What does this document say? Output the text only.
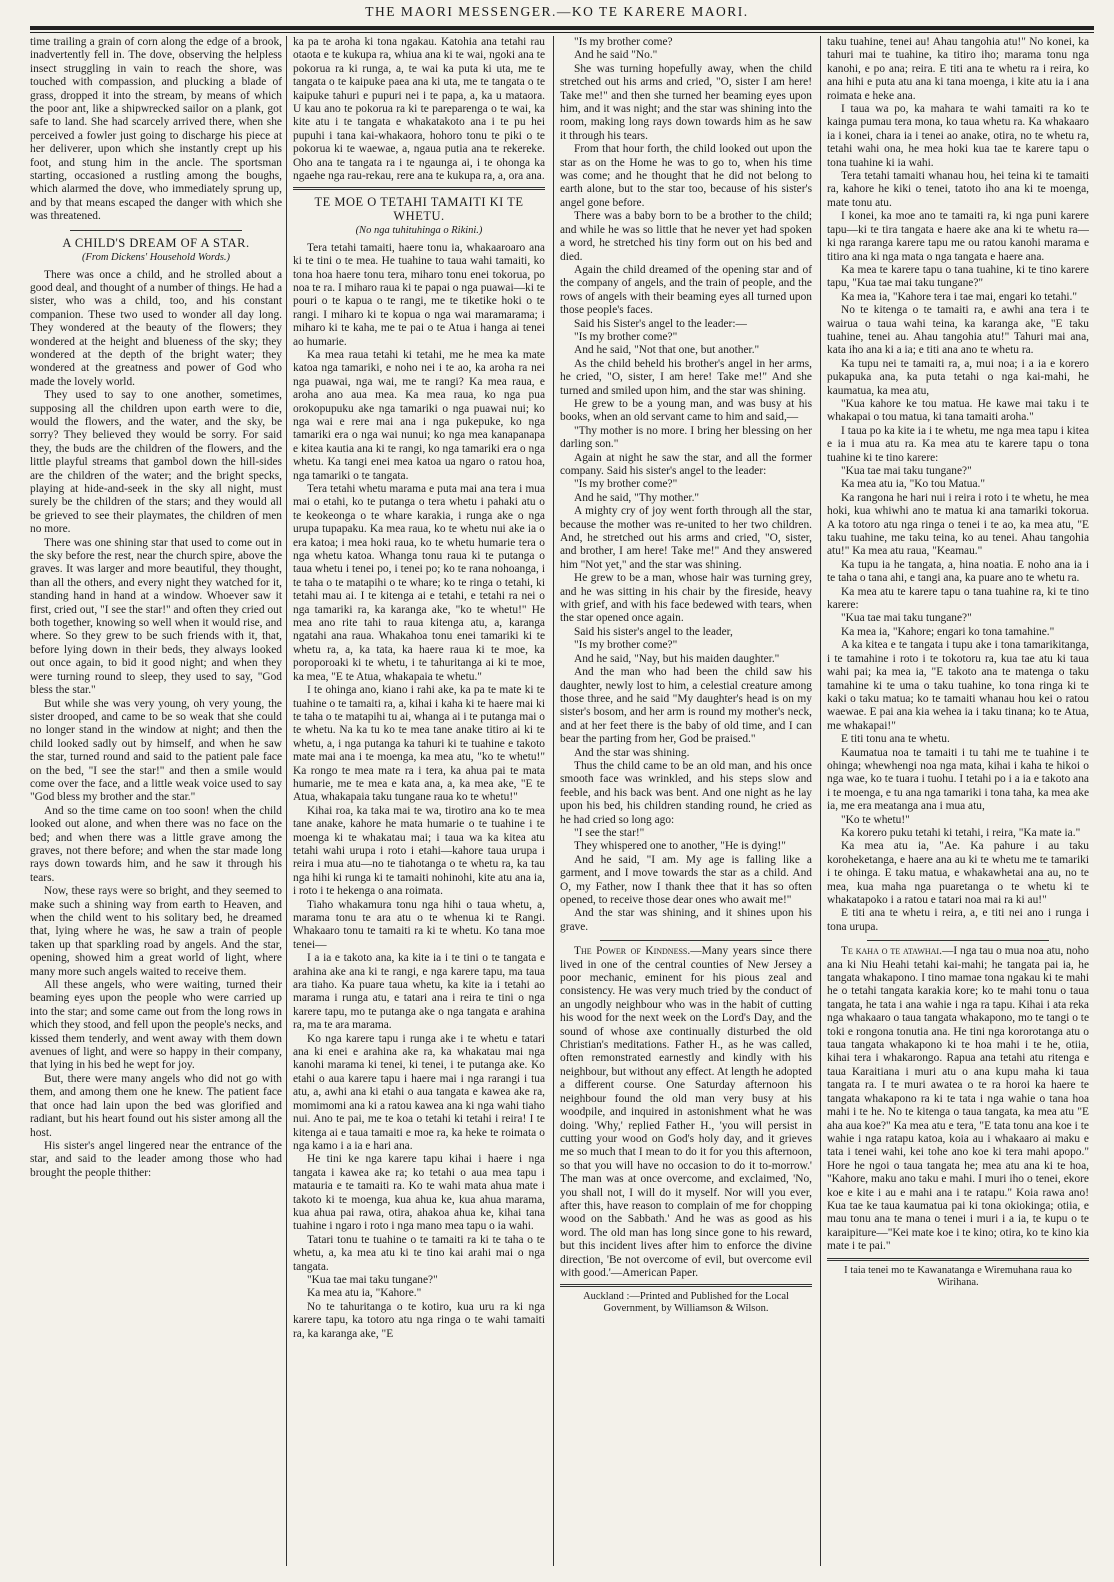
THE MAORI MESSENGER.—KO TE KARERE MAORI.

time trailing a grain of corn along the edge of a brook, inadvertently fell in. The dove, observing the helpless insect struggling in vain to reach the shore, was touched with compassion, and plucking a blade of grass, dropped it into the stream, by means of which the poor ant, like a shipwrecked sailor on a plank, got safe to land. She had scarcely arrived there, when she perceived a fowler just going to discharge his piece at her deliverer, upon which she instantly crept up his foot, and stung him in the ancle. The sportsman starting, occasioned a rustling among the boughs, which alarmed the dove, who immediately sprung up, and by that means escaped the danger with which she was threatened.

A CHILD'S DREAM OF A STAR.
(From Dickens' Household Words.)

There was once a child, and he strolled about a good deal, and thought of a number of things. He had a sister, who was a child, too, and his constant companion. These two used to wonder all day long. They wondered at the beauty of the flowers; they wondered at the height and blueness of the sky; they wondered at the depth of the bright water; they wondered at the greatness and power of God who made the lovely world.

They used to say to one another, sometimes, supposing all the children upon earth were to die, would the flowers, and the water, and the sky, be sorry? They believed they would be sorry. For said they, the buds are the children of the flowers, and the little playful streams that gambol down the hill-sides are the children of the water; and the bright specks, playing at hide-and-seek in the sky all night, must surely be the children of the stars; and they would all be grieved to see their playmates, the children of men no more.

There was one shining star that used to come out in the sky before the rest, near the church spire, above the graves. It was larger and more beautiful, they thought, than all the others, and every night they watched for it, standing hand in hand at a window. Whoever saw it first, cried out, "I see the star!" and often they cried out both together, knowing so well when it would rise, and where. So they grew to be such friends with it, that, before lying down in their beds, they always looked out once again, to bid it good night; and when they were turning round to sleep, they used to say, "God bless the star."

But while she was very young, oh very young, the sister drooped, and came to be so weak that she could no longer stand in the window at night; and then the child looked sadly out by himself, and when he saw the star, turned round and said to the patient pale face on the bed, "I see the star!" and then a smile would come over the face, and a little weak voice used to say "God bless my brother and the star."

And so the time came on too soon! when the child looked out alone, and when there was no face on the bed; and when there was a little grave among the graves, not there before; and when the star made long rays down towards him, and he saw it through his tears.

Now, these rays were so bright, and they seemed to make such a shining way from earth to Heaven, and when the child went to his solitary bed, he dreamed that, lying where he was, he saw a train of people taken up that sparkling road by angels. And the star, opening, showed him a great world of light, where many more such angels waited to receive them.

All these angels, who were waiting, turned their beaming eyes upon the people who were carried up into the star; and some came out from the long rows in which they stood, and fell upon the people's necks, and kissed them tenderly, and went away with them down avenues of light, and were so happy in their company, that lying in his bed he wept for joy.

But, there were many angels who did not go with them, and among them one he knew. The patient face that once had lain upon the bed was glorified and radiant, but his heart found out his sister among all the host.

His sister's angel lingered near the entrance of the star, and said to the leader among those who had brought the people thither:

ka pa te aroha ki tona ngakau. Katohia ana tetahi rau otaota e te kukupa ra, whiua ana ki te wai, ngoki ana te pokorua ra ki runga, a, te wai ka puta ki uta, me te tangata o te kaipuke paea ana ki uta, me te tangata o te kaipuke tahuri e pupuri nei i te papa, a, ka u mataora. U kau ano te pokorua ra ki te pareparenga o te wai, ka kite atu i te tangata e whakatakoto ana i te pu hei pupuhi i tana kai-whakaora, hohoro tonu te piki o te pokorua ki te waewae, a, ngaua putia ana te rekereke. Oho ana te tangata ra i te ngaunga ai, i te ohonga ka ngaehe nga rau-rekau, rere ana te kukupa ra, a, ora ana.

TE MOE O TETAHI TAMAITI KI TE WHETU.
(No nga tuhituhinga o Rikini.)

Tera tetahi tamaiti, haere tonu ia, whakaaroaro ana ki te tini o te mea. He tuahine to taua wahi tamaiti, ko tona hoa haere tonu tera, miharo tonu enei tokorua, po noa te ra. I miharo raua ki te papai o nga puawai—ki te pouri o te kapua o te rangi, me te tiketike hoki o te rangi. I miharo ki te kopua o nga wai maramarama; i miharo ki te kaha, me te pai o te Atua i hanga ai tenei ao humarie.

Ka mea raua tetahi ki tetahi, me he mea ka mate katoa nga tamariki, e noho nei i te ao, ka aroha ra nei nga puawai, nga wai, me te rangi? Ka mea raua, e aroha ano aua mea. Ka mea raua, ko nga pua orokopupuku ake nga tamariki o nga puawai nui; ko nga wai e rere mai ana i nga pukepuke, ko nga tamariki era o nga wai nunui; ko nga mea kanapanapa e kitea kautia ana ki te rangi, ko nga tamariki era o nga whetu. Ka tangi enei mea katoa ua ngaro o ratou hoa, nga tamariki o te tangata.

Tera tetahi whetu marama e puta mai ana tera i mua mai o etahi, ko te putanga o tera whetu i pahaki atu o te keokeonga o te whare karakia, i runga ake o nga urupa tupapaku. Ka mea raua, ko te whetu nui ake ia o era katoa; i mea hoki raua, ko te whetu humarie tera o nga whetu katoa. Whanga tonu raua ki te putanga o taua whetu i tenei po, i tenei po; ko te rana nohoanga, i te taha o te matapihi o te whare; ko te ringa o tetahi, ki tetahi mau ai. I te kitenga ai e tetahi, e tetahi ra nei o nga tamariki ra, ka karanga ake, "ko te whetu!" He mea ano rite tahi to raua kitenga atu, a, karanga ngatahi ana raua. Whakahoa tonu enei tamariki ki te whetu ra, a, ka tata, ka haere raua ki te moe, ka poroporoaki ki te whetu, i te tahuritanga ai ki te moe, ka mea, "E te Atua, whakapaia te whetu."

I te ohinga ano, kiano i rahi ake, ka pa te mate ki te tuahine o te tamaiti ra, a, kihai i kaha ki te haere mai ki te taha o te matapihi tu ai, whanga ai i te putanga mai o te whetu. Na ka tu ko te mea tane anake titiro ai ki te whetu, a, i nga putanga ka tahuri ki te tuahine e takoto mate mai ana i te moenga, ka mea atu, "ko te whetu!" Ka rongo te mea mate ra i tera, ka ahua pai te mata humarie, me te mea e kata ana, a, ka mea ake, "E te Atua, whakapaia taku tungane raua ko te whetu!"

Kihai roa, ka taka mai te wa, tirotiro ana ko te mea tane anake, kahore he mata humarie o te tuahine i te moenga ki te whakatau mai; i taua wa ka kitea atu tetahi wahi urupa i roto i etahi—kahore taua urupa i reira i mua atu—no te tiahotanga o te whetu ra, ka tau nga hihi ki runga ki te tamaiti nohinohi, kite atu ana ia, i roto i te hekenga o ana roimata.

Tiaho whakamura tonu nga hihi o taua whetu, a, marama tonu te ara atu o te whenua ki te Rangi. Whakaaro tonu te tamaiti ra ki te whetu. Ko tana moe tenei—

I a ia e takoto ana, ka kite ia i te tini o te tangata e arahina ake ana ki te rangi, e nga karere tapu, ma taua ara tiaho. Ka puare taua whetu, ka kite ia i tetahi ao marama i runga atu, e tatari ana i reira te tini o nga karere tapu, mo te putanga ake o nga tangata e arahina ra, ma te ara marama.

Ko nga karere tapu i runga ake i te whetu e tatari ana ki enei e arahina ake ra, ka whakatau mai nga kanohi marama ki tenei, ki tenei, i te putanga ake. Ko etahi o aua karere tapu i haere mai i nga rarangi i tua atu, a, awhi ana ki etahi o aua tangata e kawea ake ra, momimomi ana ki a ratou kawea ana ki nga wahi tiaho nui. Ano te pai, me te koa o tetahi ki tetahi i reira! I te kitenga ai e taua tamaiti e moe ra, ka heke te roimata o nga kamo i a ia e hari ana.

He tini ke nga karere tapu kihai i haere i nga tangata i kawea ake ra; ko tetahi o aua mea tapu i matauria e te tamaiti ra. Ko te wahi mata ahua mate i takoto ki te moenga, kua ahua ke, kua ahua marama, kua ahua pai rawa, otira, ahakoa ahua ke, kihai tana tuahine i ngaro i roto i nga mano mea tapu o ia wahi.

Tatari tonu te tuahine o te tamaiti ra ki te taha o te whetu, a, ka mea atu ki te tino kai arahi mai o nga tangata.

"Kua tae mai taku tungane?"

Ka mea atu ia, "Kahore."

No te tahuritanga o te kotiro, kua uru ra ki nga karere tapu, ka totoro atu nga ringa o te wahi tamaiti ra, ka karanga ake, "E

"Is my brother come?

And he said "No."

She was turning hopefully away, when the child stretched out his arms and cried, "O, sister I am here! Take me!" and then she turned her beaming eyes upon him, and it was night; and the star was shining into the room, making long rays down towards him as he saw it through his tears.

From that hour forth, the child looked out upon the star as on the Home he was to go to, when his time was come; and he thought that he did not belong to earth alone, but to the star too, because of his sister's angel gone before.

There was a baby born to be a brother to the child; and while he was so little that he never yet had spoken a word, he stretched his tiny form out on his bed and died.

Again the child dreamed of the opening star and of the company of angels, and the train of people, and the rows of angels with their beaming eyes all turned upon those people's faces.

Said his Sister's angel to the leader:—

"Is my brother come?"

And he said, "Not that one, but another."

As the child beheld his brother's angel in her arms, he cried, "O, sister, I am here! Take me!" And she turned and smiled upon him, and the star was shining.

He grew to be a young man, and was busy at his books, when an old servant came to him and said,—

"Thy mother is no more. I bring her blessing on her darling son."

Again at night he saw the star, and all the former company. Said his sister's angel to the leader:

"Is my brother come?"

And he said, "Thy mother."

A mighty cry of joy went forth through all the star, because the mother was re-united to her two children. And, he stretched out his arms and cried, "O, sister, and brother, I am here! Take me!" And they answered him "Not yet," and the star was shining.

He grew to be a man, whose hair was turning grey, and he was sitting in his chair by the fireside, heavy with grief, and with his face bedewed with tears, when the star opened once again.

Said his sister's angel to the leader,

"Is my brother come?"

And he said, "Nay, but his maiden daughter."

And the man who had been the child saw his daughter, newly lost to him, a celestial creature among those three, and he said "My daughter's head is on my sister's bosom, and her arm is round my mother's neck, and at her feet there is the baby of old time, and I can bear the parting from her, God be praised."

And the star was shining.

Thus the child came to be an old man, and his once smooth face was wrinkled, and his steps slow and feeble, and his back was bent. And one night as he lay upon his bed, his children standing round, he cried as he had cried so long ago:

"I see the star!"

They whispered one to another, "He is dying!"

And he said, "I am. My age is falling like a garment, and I move towards the star as a child. And O, my Father, now I thank thee that it has so often opened, to receive those dear ones who await me!"

And the star was shining, and it shines upon his grave.

The Power of Kindness.—Many years since there lived in one of the central counties of New Jersey a poor mechanic, eminent for his pious zeal and consistency. He was very much tried by the conduct of an ungodly neighbour who was in the habit of cutting his wood for the next week on the Lord's Day, and the sound of whose axe continually disturbed the old Christian's meditations. Father H., as he was called, often remonstrated earnestly and kindly with his neighbour, but without any effect. At length he adopted a different course. One Saturday afternoon his neighbour found the old man very busy at his woodpile, and inquired in astonishment what he was doing. 'Why,' replied Father H., 'you will persist in cutting your wood on God's holy day, and it grieves me so much that I mean to do it for you this afternoon, so that you will have no occasion to do it to-morrow.' The man was at once overcome, and exclaimed, 'No, you shall not, I will do it myself. Nor will you ever, after this, have reason to complain of me for chopping wood on the Sabbath.' And he was as good as his word. The old man has long since gone to his reward, but this incident lives after him to enforce the divine direction, 'Be not overcome of evil, but overcome evil with good.'—American Paper.

Auckland :—Printed and Published for the Local Government, by Williamson & Wilson.

taku tuahine, tenei au! Ahau tangohia atu!" No konei, ka tahuri mai te tuahine, ka titiro iho; marama tonu nga kanohi, e po ana; reira. E titi ana te whetu ra i reira, ko ana hihi e puta atu ana ki tana moenga, i kite atu ia i ana roimata e heke ana.

I taua wa po, ka mahara te wahi tamaiti ra ko te kainga pumau tera mona, ko taua whetu ra. Ka whakaaro ia i konei, chara ia i tenei ao anake, otira, no te whetu ra, tetahi wahi ona, he mea hoki kua tae te karere tapu o tona tuahine ki ia wahi.

Tera tetahi tamaiti whanau hou, hei teina ki te tamaiti ra, kahore he kiki o tenei, tatoto iho ana ki te moenga, mate tonu atu.

I konei, ka moe ano te tamaiti ra, ki nga puni karere tapu—ki te tira tangata e haere ake ana ki te whetu ra—ki nga raranga karere tapu me ou ratou kanohi marama e titiro ana ki nga mata o nga tangata e haere ana.

Ka mea te karere tapu o tana tuahine, ki te tino karere tapu, "Kua tae mai taku tungane?"

Ka mea ia, "Kahore tera i tae mai, engari ko tetahi."

No te kitenga o te tamaiti ra, e awhi ana tera i te wairua o taua wahi teina, ka karanga ake, "E taku tuahine, tenei au. Ahau tangohia atu!" Tahuri mai ana, kata iho ana ki a ia; e titi ana ano te whetu ra.

Ka tupu nei te tamaiti ra, a, mui noa; i a ia e korero pukapuka ana, ka puta tetahi o nga kai-mahi, he kaumatua, ka mea atu,

"Kua kahore ke tou matua. He kawe mai taku i te whakapai o tou matua, ki tana tamaiti aroha."

I taua po ka kite ia i te whetu, me nga mea tapu i kitea e ia i mua atu ra. Ka mea atu te karere tapu o tona tuahine ki te tino karere:

"Kua tae mai taku tungane?"

Ka mea atu ia, "Ko tou Matua."

Ka rangona he hari nui i reira i roto i te whetu, he mea hoki, kua whiwhi ano te matua ki ana tamariki tokorua. A ka totoro atu nga ringa o tenei i te ao, ka mea atu, "E taku tuahine, me taku teina, ko au tenei. Ahau tangohia atu!" Ka mea atu raua, "Keamau."

Ka tupu ia he tangata, a, hina noatia. E noho ana ia i te taha o tana ahi, e tangi ana, ka puare ano te whetu ra.

Ka mea atu te karere tapu o tana tuahine ra, ki te tino karere:

"Kua tae mai taku tungane?"

Ka mea ia, "Kahore; engari ko tona tamahine."

A ka kitea e te tangata i tupu ake i tona tamarikitanga, i te tamahine i roto i te tokotoru ra, kua tae atu ki taua wahi pai; ka mea ia, "E takoto ana te matenga o taku tamahine ki te uma o taku tuahine, ko tona ringa ki te kaki o taku matua; ko te tamaiti whanau hou kei o ratou waewae. E pai ana kia wehea ia i taku tinana; ko te Atua, me whakapai!"

E titi tonu ana te whetu.

Kaumatua noa te tamaiti i tu tahi me te tuahine i te ohinga; whewhengi noa nga mata, kihai i kaha te hikoi o nga wae, ko te tuara i tuohu. I tetahi po i a ia e takoto ana i te moenga, e tu ana nga tamariki i tona taha, ka mea ake ia, me era meatanga ana i mua atu,

"Ko te whetu!"

Ka korero puku tetahi ki tetahi, i reira, "Ka mate ia."

Ka mea atu ia, "Ae. Ka pahure i au taku koroheketanga, e haere ana au ki te whetu me te tamariki i te ohinga. E taku matua, e whakawhetai ana au, no te mea, kua maha nga puaretanga o te whetu ki te whakatapoko i a ratou e tatari noa mai ra ki au!"

E titi ana te whetu i reira, a, e titi nei ano i runga i tona urupa.

Te kaha o te atawhai.—I nga tau o mua noa atu, noho ana ki Niu Heahi tetahi kai-mahi; he tangata pai ia, he tangata whakapono. I tino mamae tona ngakau ki te mahi he o tetahi tangata karakia kore; ko te mahi tonu o taua tangata, he tata i ana wahie i nga ra tapu. Kihai i ata reka nga whakaaro o taua tangata whakapono, mo te tangi o te toki e rongona tonutia ana. He tini nga kororotanga atu o taua tangata whakapono ki te hoa mahi i te he, otiia, kihai tera i whakarongo. Rapua ana tetahi atu ritenga e taua Karaitiana i muri atu o ana kupu maha ki taua tangata ra. I te muri awatea o te ra horoi ka haere te tangata whakapono ra ki te tata i nga wahie o tana hoa mahi i te he. No te kitenga o taua tangata, ka mea atu "E aha aua koe?" Ka mea atu e tera, "E tata tonu ana koe i te wahie i nga ratapu katoa, koia au i whakaaro ai maku e tata i tenei wahi, kei tohe ano koe ki tera mahi apopo." Hore he ngoi o taua tangata he; mea atu ana ki te hoa, "Kahore, maku ano taku e mahi. I muri iho o tenei, ekore koe e kite i au e mahi ana i te ratapu." Koia rawa ano! Kua tae ke taua kaumatua pai ki tona okiokinga; otiia, e mau tonu ana te mana o tenei i muri i a ia, te kupu o te karaipiture—"Kei mate koe i te kino; otira, ko te kino kia mate i te pai."

I taia tenei mo te Kawanatanga e Wiremuhana raua ko Wirihana.
